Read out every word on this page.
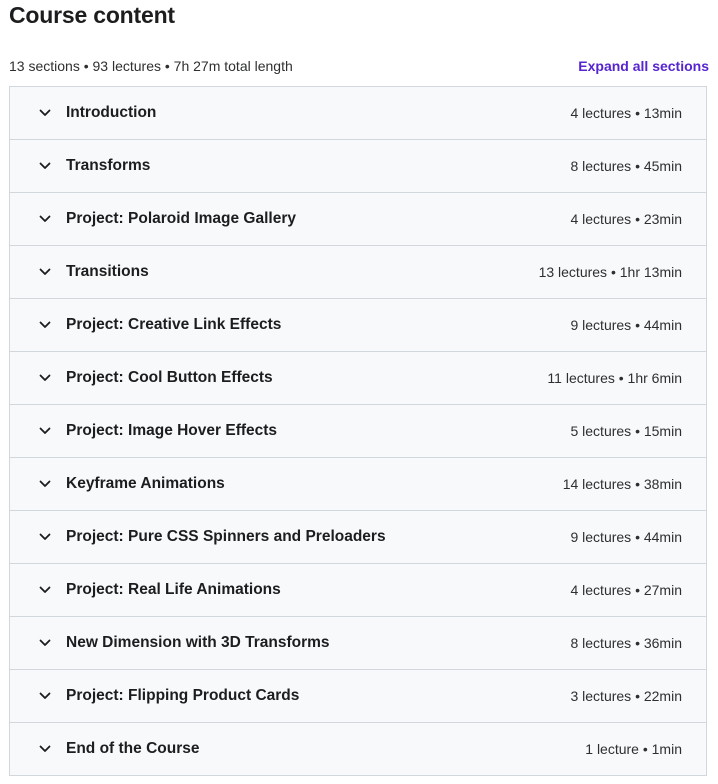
Course content
13 sections • 93 lectures • 7h 27m total length	Expand all sections
Introduction	4 lectures • 13min
Transforms	8 lectures • 45min
Project: Polaroid Image Gallery	4 lectures • 23min
Transitions	13 lectures • 1hr 13min
Project: Creative Link Effects	9 lectures • 44min
Project: Cool Button Effects	11 lectures • 1hr 6min
Project: Image Hover Effects	5 lectures • 15min
Keyframe Animations	14 lectures • 38min
Project: Pure CSS Spinners and Preloaders	9 lectures • 44min
Project: Real Life Animations	4 lectures • 27min
New Dimension with 3D Transforms	8 lectures • 36min
Project: Flipping Product Cards	3 lectures • 22min
End of the Course	1 lecture • 1min
